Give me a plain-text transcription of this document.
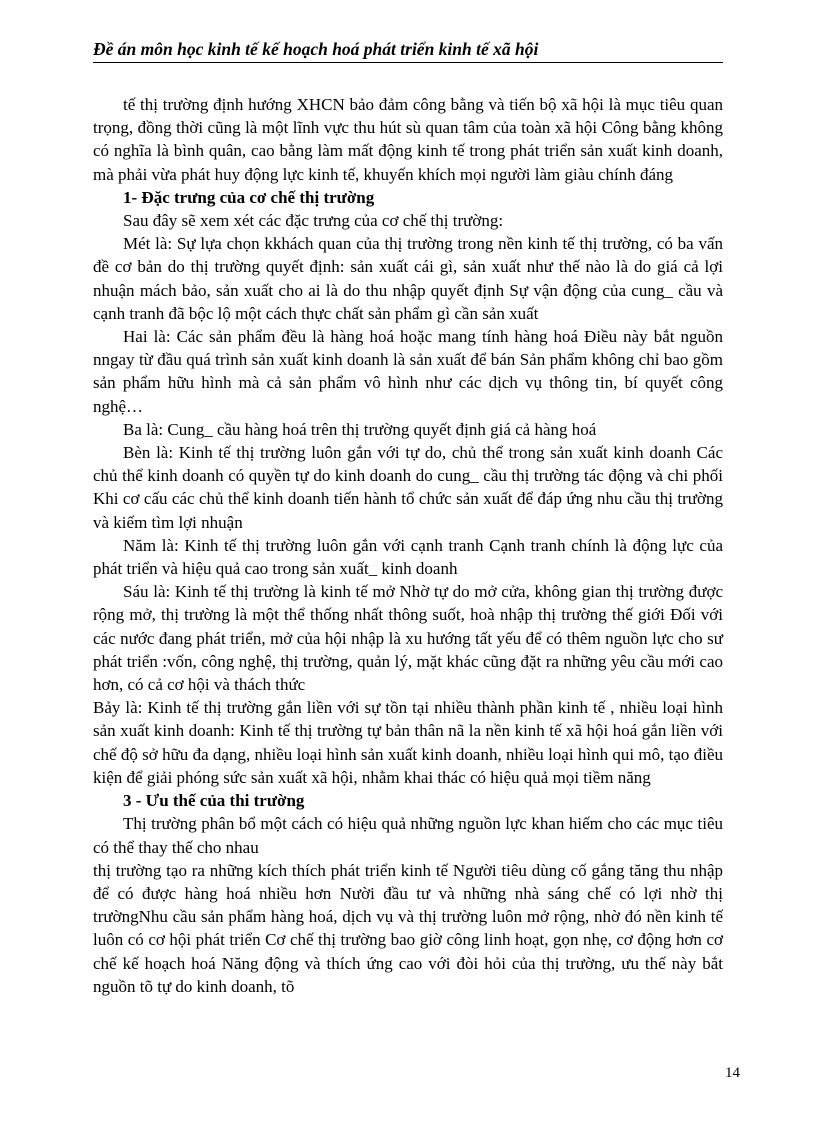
Đề án môn học kinh tế kế hoạch hoá phát triển kinh tế xã hội

tế thị trường định hướng XHCN bảo đảm công bằng và tiến bộ xã hội là mục tiêu quan trọng, đồng thời cũng là một lĩnh vực thu hút sù quan tâm của toàn xã hội Công bằng không có nghĩa là bình quân, cao bằng làm mất động kinh tế trong phát triển sản xuất kinh doanh, mà phải vừa phát huy động lực kinh tế, khuyến khích mọi người làm giàu chính đáng

1- Đặc trưng của cơ chế thị trường

Sau đây sẽ xem xét các đặc trưng của cơ chế thị trường:

Mét là: Sự lựa chọn kkhách quan của thị trường trong nền kinh tế thị trường, có ba vấn đề cơ bản do thị trường quyết định: sản xuất cái gì, sản xuất như thế nào là do giá cả lợi nhuận mách bảo, sản xuất cho ai là do thu nhập quyết định Sự vận động của cung_ cầu và cạnh tranh đã bộc lộ một cách thực chất sản phẩm gì cần sản xuất

Hai là: Các sản phẩm đều là hàng hoá hoặc mang tính hàng hoá Điều này bắt nguồn nngay từ đầu quá trình sản xuất kinh doanh là sản xuất để bán Sản phẩm không chỉ bao gồm sản phẩm hữu hình mà cả sản phẩm vô hình như các dịch vụ thông tin, bí quyết công nghệ…

Ba là: Cung_ cầu hàng hoá trên thị trường quyết định giá cả hàng hoá

Bèn là: Kinh tế thị trường luôn gắn với tự do, chủ thể trong sản xuất kinh doanh Các chủ thể kinh doanh có quyền tự do kinh doanh do cung_ cầu thị trường tác động và chi phối Khi cơ cấu các chủ thể kinh doanh tiến hành tổ chức sản xuất để đáp ứng nhu cầu thị trường và kiếm tìm lợi nhuận

Năm là: Kinh tế thị trường luôn gắn với cạnh tranh Cạnh tranh chính là động lực của phát triển và hiệu quả cao trong sản xuất_ kinh doanh

Sáu là: Kinh tế thị trường là kinh tế mở Nhờ tự do mở cửa, không gian thị trường được rộng mở, thị trường là một thể thống nhất thông suốt, hoà nhập thị trường thế giới Đối với các nước đang phát triển, mở của hội nhập là xu hướng tất yếu để có thêm nguồn lực cho sư phát triển :vốn, công nghệ, thị trường, quản lý, mặt khác cũng đặt ra những yêu cầu mới cao hơn, có cả cơ hội và thách thức

Bảy là: Kinh tế thị trường gắn liền với sự tồn tại nhiều thành phần kinh tế , nhiều loại hình sản xuất kinh doanh: Kinh tế thị trường tự bản thân nã la nền kinh tế xã hội hoá gắn liền với chế độ sở hữu đa dạng, nhiều loại hình sản xuất kinh doanh, nhiều loại hình qui mô, tạo điều kiện để giải phóng sức sản xuất xã hội, nhằm khai thác có hiệu quả mọi tiềm năng

3 - Ưu thế của thi trường

Thị trường phân bổ một cách có hiệu quả những nguồn lực khan hiếm cho các mục tiêu có thể thay thế cho nhau

thị trường tạo ra những kích thích phát triển kinh tế Người tiêu dùng cố gắng tăng thu nhập để có được hàng hoá nhiều hơn Nười đầu tư và những nhà sáng chế có lợi nhờ thị trườngNhu cầu sản phẩm hàng hoá, dịch vụ và thị trường luôn mở rộng, nhờ đó nền kinh tế luôn có cơ hội phát triển Cơ chế thị trường bao giờ công linh hoạt, gọn nhẹ, cơ động hơn cơ chế kế hoạch hoá Năng động và thích ứng cao với đòi hỏi của thị trường, ưu thế này bắt nguồn tõ tự do kinh doanh, tõ

14
